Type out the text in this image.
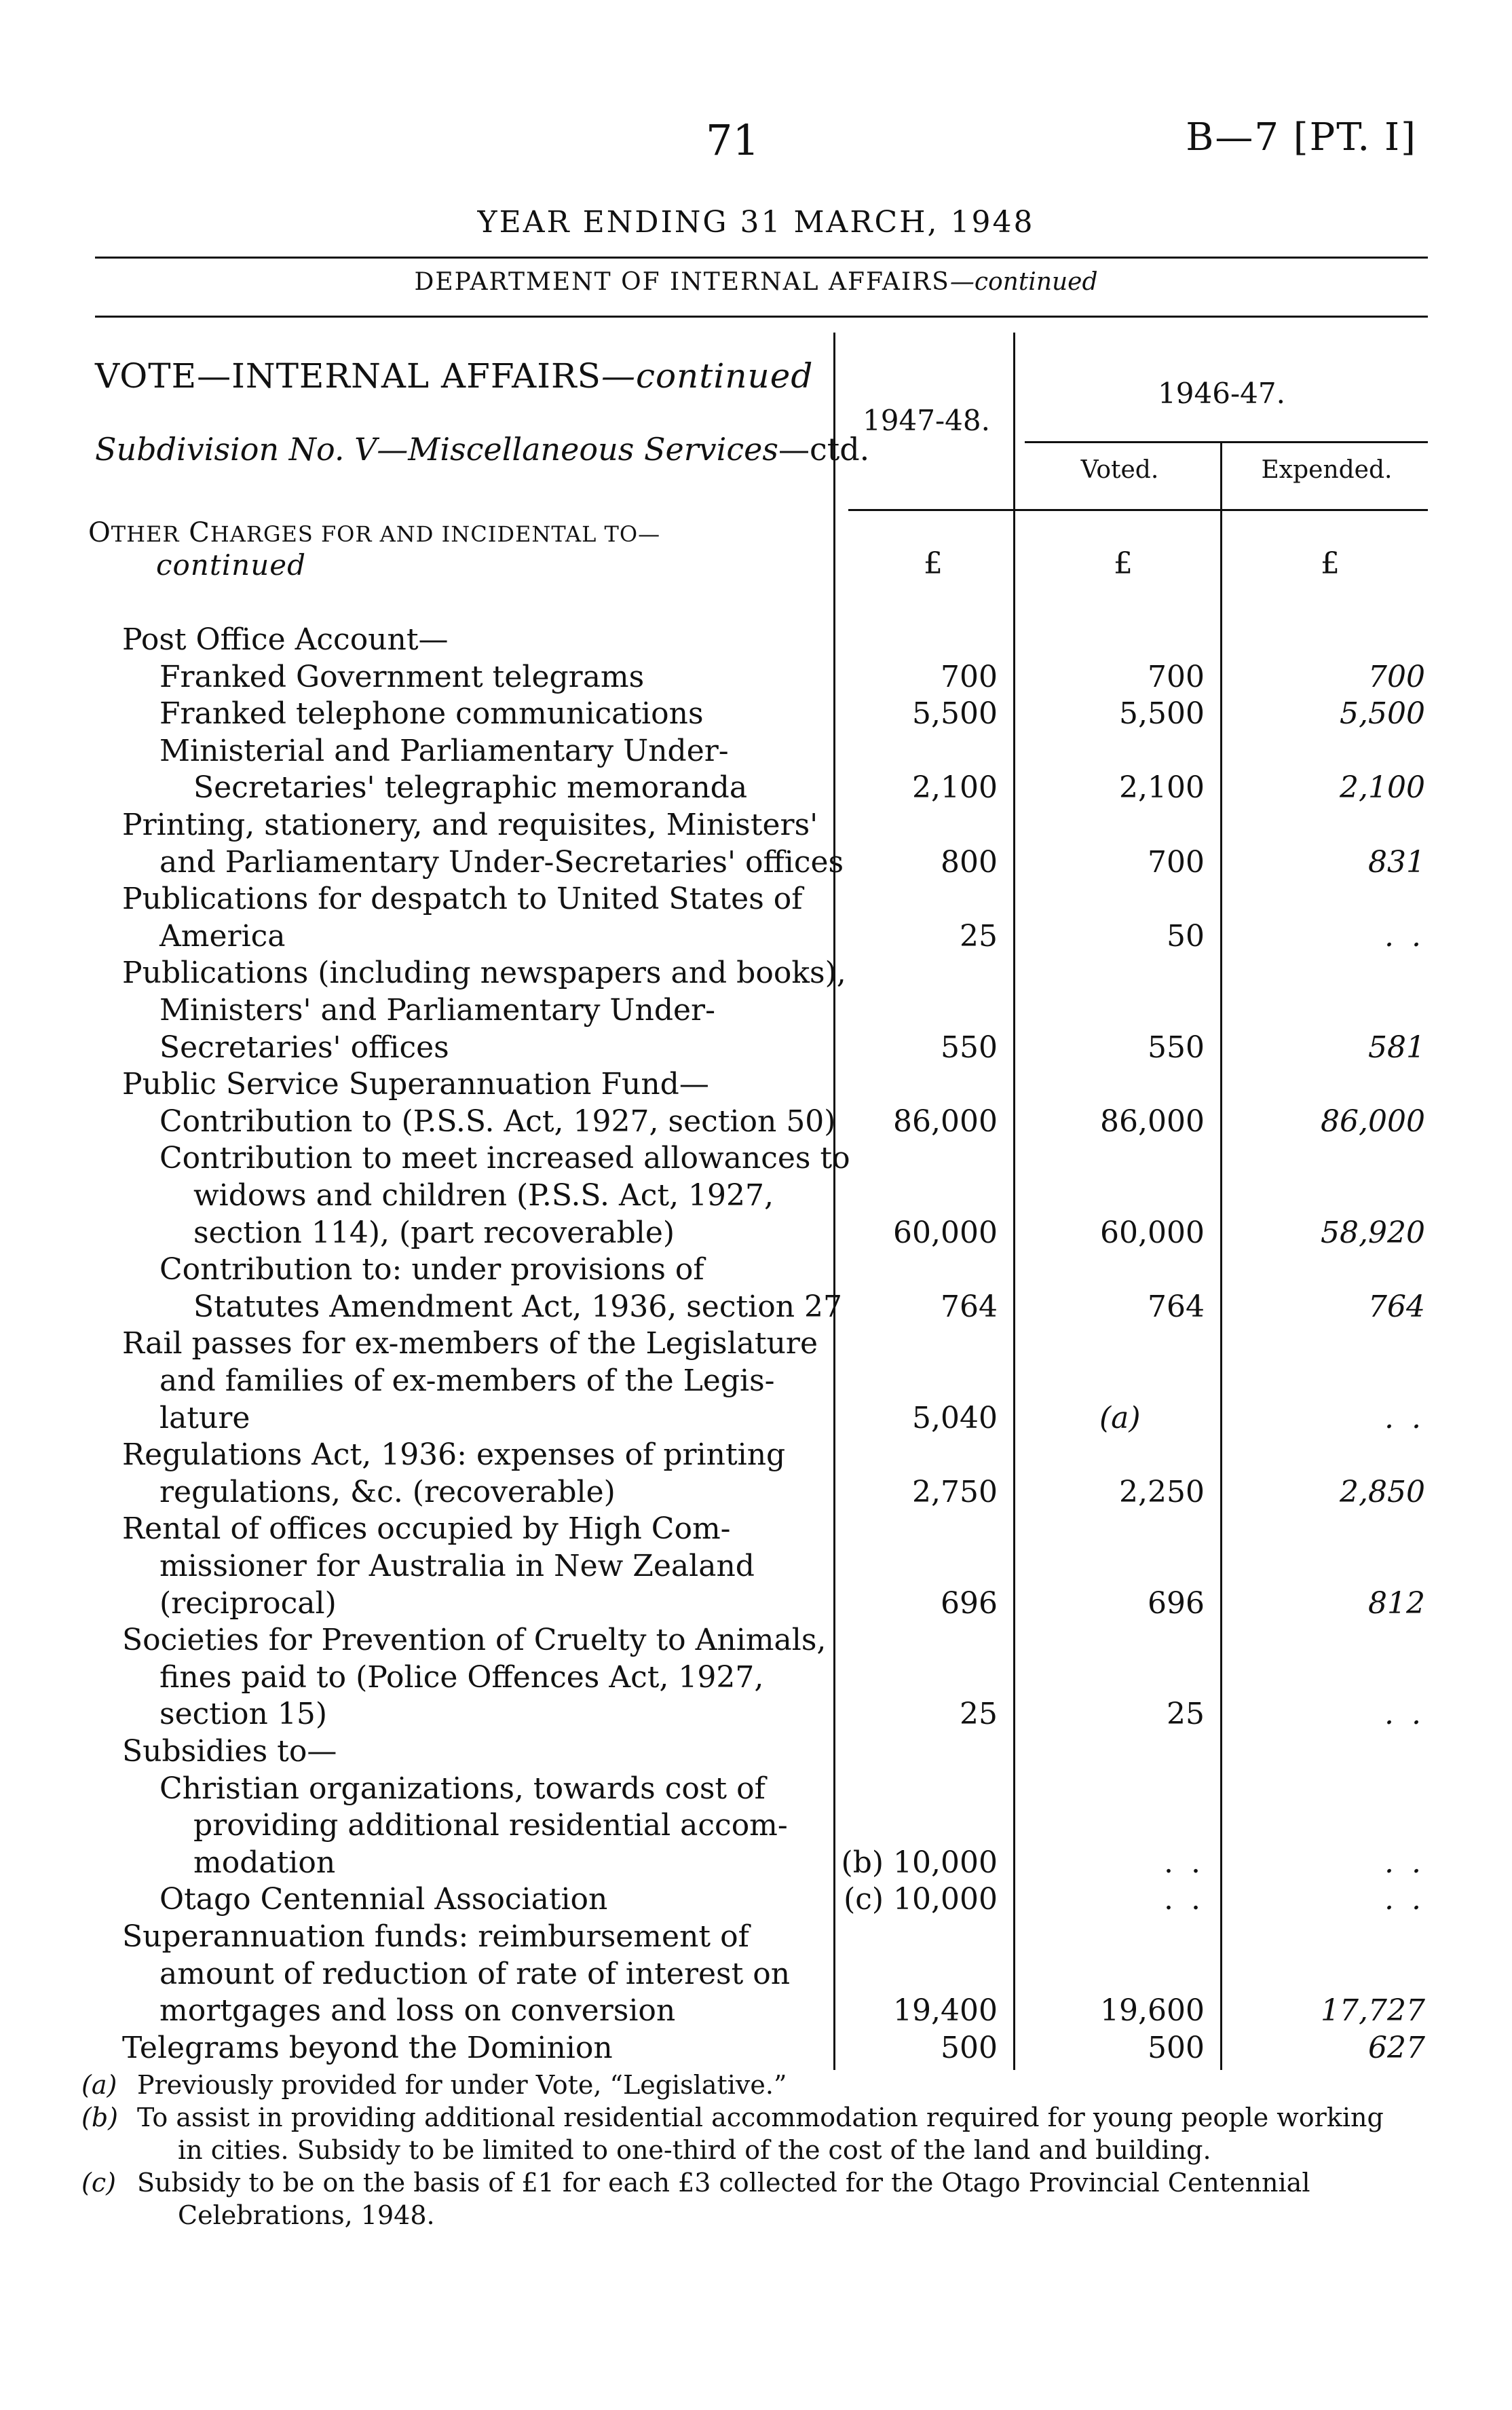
71	B—7 [PT. I]
YEAR ENDING 31 MARCH, 1948
DEPARTMENT OF INTERNAL AFFAIRS—continued
VOTE—INTERNAL AFFAIRS—continued
Subdivision No. V—Miscellaneous Services—ctd.
1947-48.
1946-47.
Voted.	Expended.
OTHER CHARGES FOR AND INCIDENTAL TO—
continued	£	£	£
Post Office Account—
Franked Government telegrams	700	700	700
Franked telephone communications	5,500	5,500	5,500
Ministerial and Parliamentary Under-
Secretaries' telegraphic memoranda	2,100	2,100	2,100
Printing, stationery, and requisites, Ministers'
and Parliamentary Under-Secretaries' offices	800	700	831
Publications for despatch to United States of
America	25	50	. .
Publications (including newspapers and books),
Ministers' and Parliamentary Under-
Secretaries' offices	550	550	581
Public Service Superannuation Fund—
Contribution to (P.S.S. Act, 1927, section 50)	86,000	86,000	86,000
Contribution to meet increased allowances to
widows and children (P.S.S. Act, 1927,
section 114), (part recoverable)	60,000	60,000	58,920
Contribution to: under provisions of
Statutes Amendment Act, 1936, section 27	764	764	764
Rail passes for ex-members of the Legislature
and families of ex-members of the Legis-
lature	5,040	(a)	. .
Regulations Act, 1936: expenses of printing
regulations, &c. (recoverable)	2,750	2,250	2,850
Rental of offices occupied by High Com-
missioner for Australia in New Zealand
(reciprocal)	696	696	812
Societies for Prevention of Cruelty to Animals,
fines paid to (Police Offences Act, 1927,
section 15)	25	25	. .
Subsidies to—
Christian organizations, towards cost of
providing additional residential accom-
modation	(b) 10,000	. .	. .
Otago Centennial Association	(c) 10,000	. .	. .
Superannuation funds: reimbursement of
amount of reduction of rate of interest on
mortgages and loss on conversion	19,400	19,600	17,727
Telegrams beyond the Dominion	500	500	627
(a) Previously provided for under Vote, “Legislative.”
(b) To assist in providing additional residential accommodation required for young people working
in cities. Subsidy to be limited to one-third of the cost of the land and building.
(c) Subsidy to be on the basis of £1 for each £3 collected for the Otago Provincial Centennial
Celebrations, 1948.
